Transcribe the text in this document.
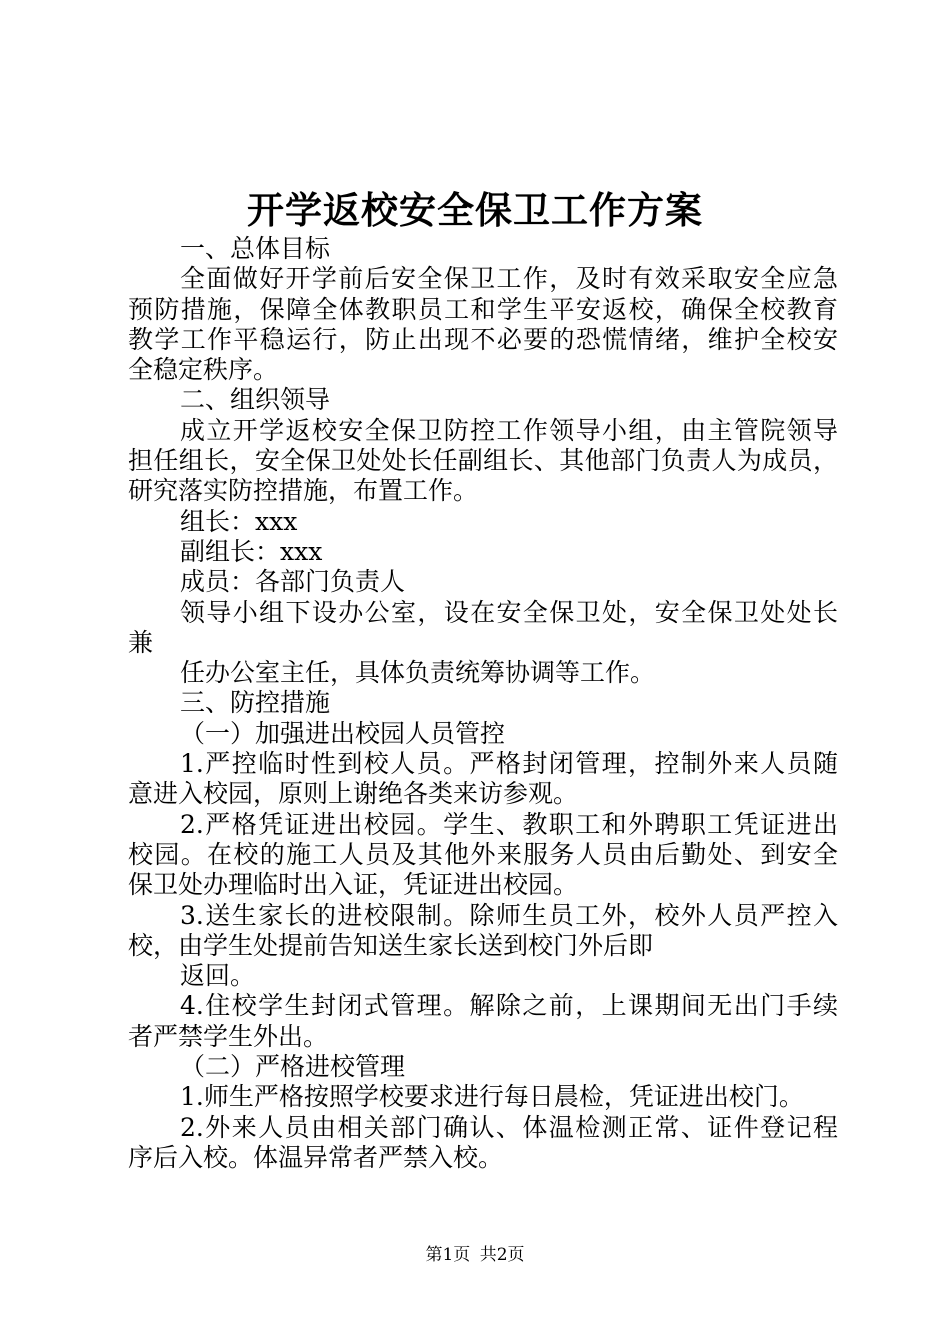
开学返校安全保卫工作方案
一、总体目标
全面做好开学前后安全保卫工作，及时有效采取安全应急
预防措施，保障全体教职员工和学生平安返校，确保全校教育
教学工作平稳运行，防止出现不必要的恐慌情绪，维护全校安
全稳定秩序。
二、组织领导
成立开学返校安全保卫防控工作领导小组，由主管院领导
担任组长，安全保卫处处长任副组长、其他部门负责人为成员，
研究落实防控措施，布置工作。
组长：xxx
副组长：xxx
成员：各部门负责人
领导小组下设办公室，设在安全保卫处，安全保卫处处长
兼
任办公室主任，具体负责统筹协调等工作。
三、防控措施
（一）加强进出校园人员管控
1.严控临时性到校人员。严格封闭管理，控制外来人员随
意进入校园，原则上谢绝各类来访参观。
2.严格凭证进出校园。学生、教职工和外聘职工凭证进出
校园。在校的施工人员及其他外来服务人员由后勤处、到安全
保卫处办理临时出入证，凭证进出校园。
3.送生家长的进校限制。除师生员工外，校外人员严控入
校，由学生处提前告知送生家长送到校门外后即
返回。
4.住校学生封闭式管理。解除之前，上课期间无出门手续
者严禁学生外出。
（二）严格进校管理
1.师生严格按照学校要求进行每日晨检，凭证进出校门。
2.外来人员由相关部门确认、体温检测正常、证件登记程
序后入校。体温异常者严禁入校。
第1页 共2页
